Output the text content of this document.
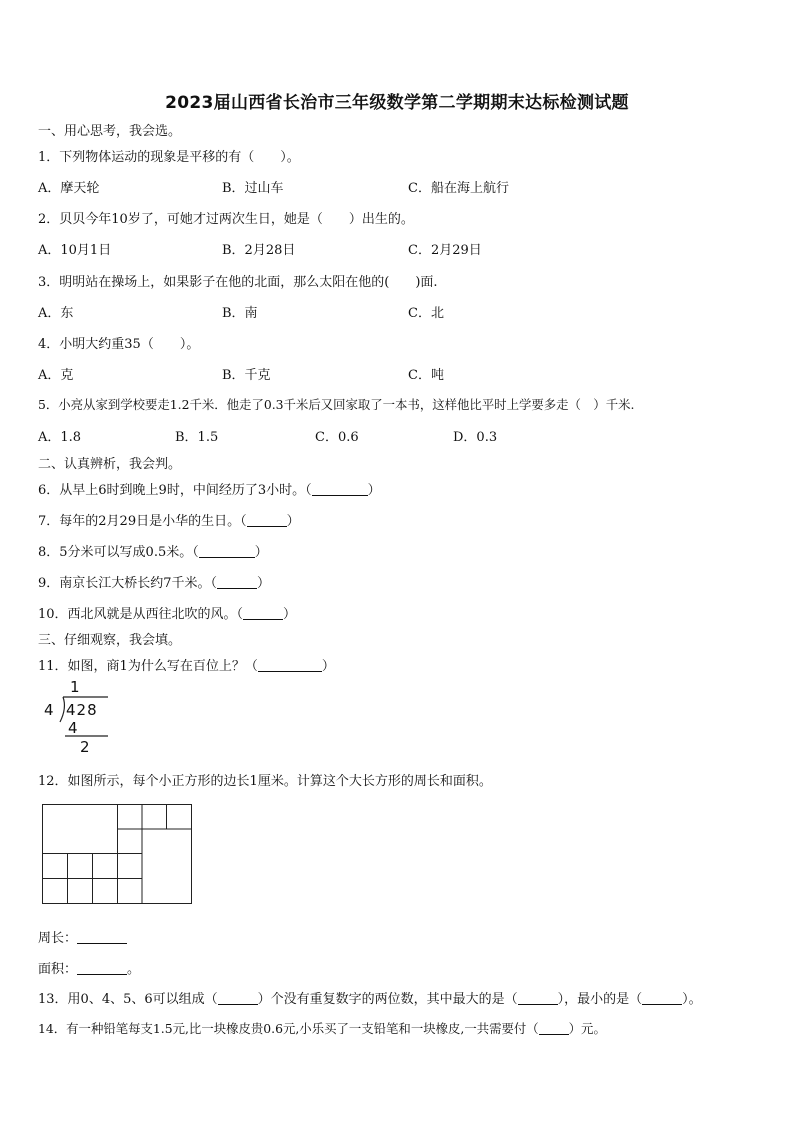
2023届山西省长治市三年级数学第二学期期末达标检测试题
一、用心思考，我会选。
1．下列物体运动的现象是平移的有（　　）。
A．摩天轮	B．过山车	C．船在海上航行
2．贝贝今年10岁了，可她才过两次生日，她是（　　）出生的。
A．10月1日	B．2月28日	C．2月29日
3．明明站在操场上，如果影子在他的北面，那么太阳在他的(　　)面.
A．东	B．南	C．北
4．小明大约重35（　　）。
A．克	B．千克	C．吨
5．小亮从家到学校要走1.2千米．他走了0.3千米后又回家取了一本书，这样他比平时上学要多走（　）千米.
A．1.8	B．1.5	C．0.6	D．0.3
二、认真辨析，我会判。
6．从早上6时到晚上9时，中间经历了3小时。（	）
7．每年的2月29日是小华的生日。（	）
8．5分米可以写成0.5米。（	）
9．南京长江大桥长约7千米。（	）
10．西北风就是从西往北吹的风。（	）
三、仔细观察，我会填。
11．如图，商1为什么写在百位上？（	）
1
4 428
4
2
12．如图所示，每个小正方形的边长1厘米。计算这个大长方形的周长和面积。
周长：
面积：	。
13．用0、4、5、6可以组成（	）个没有重复数字的两位数，其中最大的是（	），最小的是（	）。
14．有一种铅笔每支1.5元,比一块橡皮贵0.6元,小乐买了一支铅笔和一块橡皮,一共需要付（ ）元。
